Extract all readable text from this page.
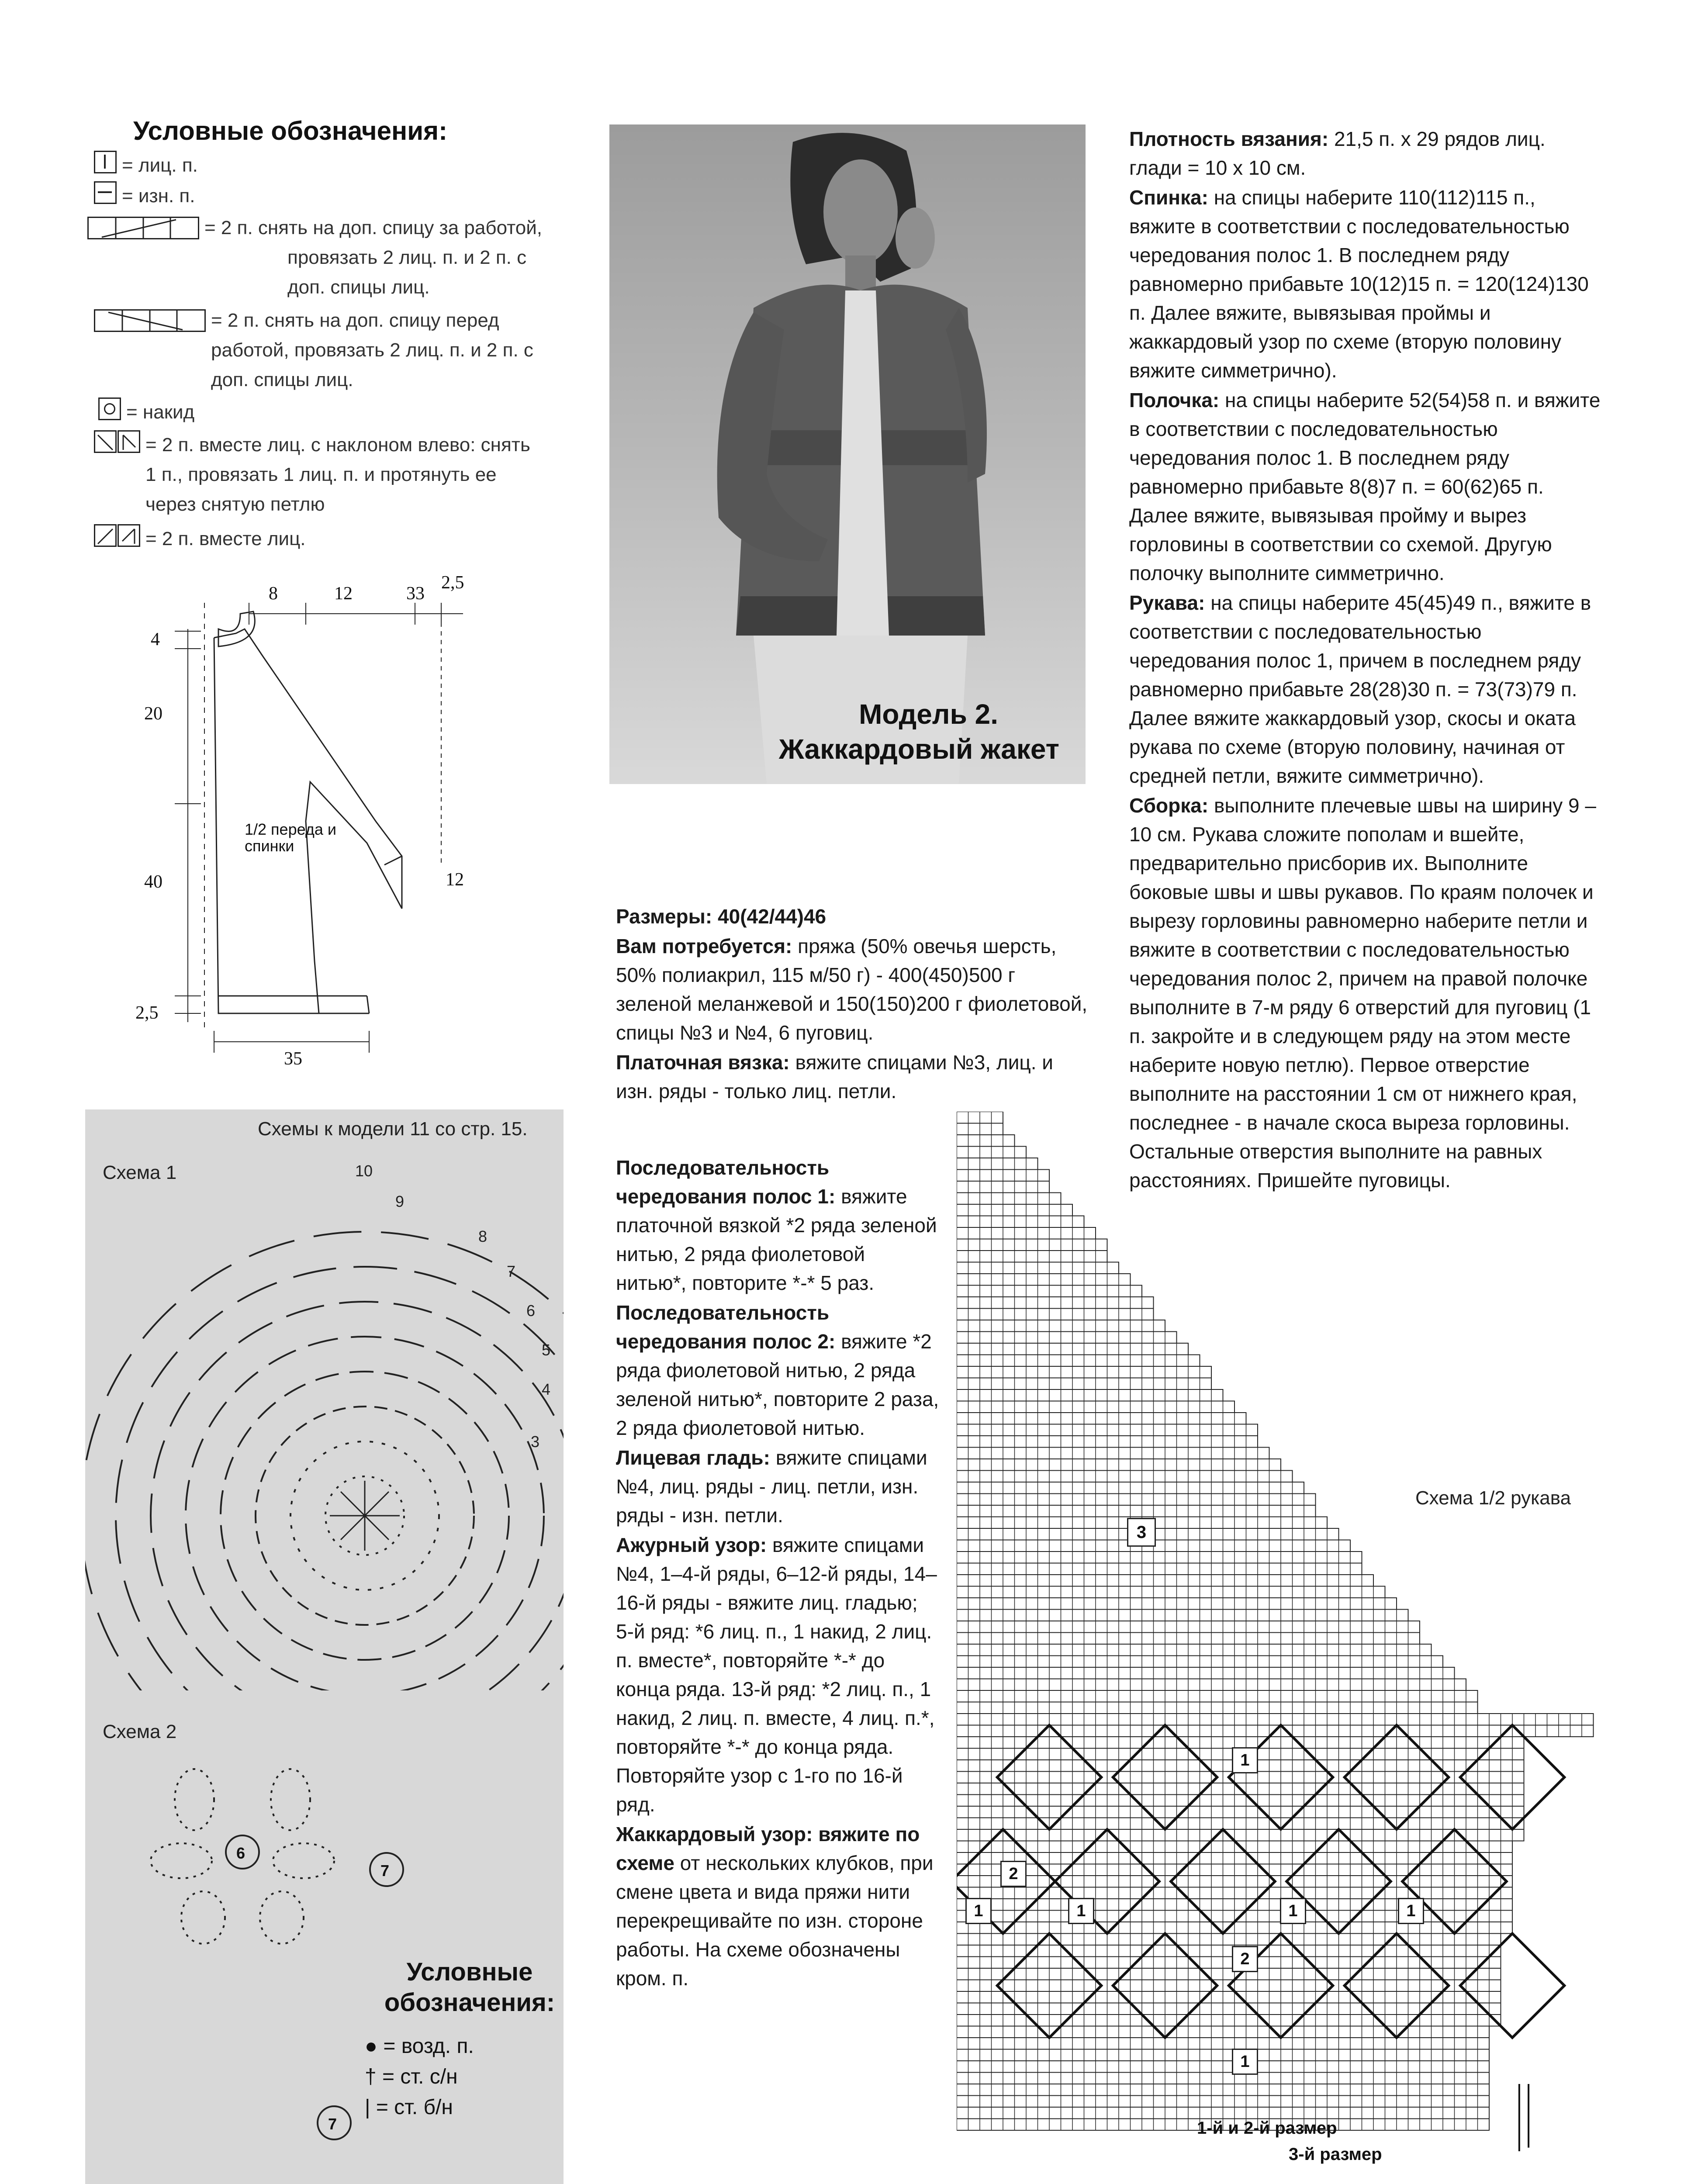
Условные обозначения:
= лиц. п.
= изн. п.
= 2 п. снять на доп. спицу за работой, провязать 2 лиц. п. и 2 п. с доп. спицы лиц.
= 2 п. снять на доп. спицу перед работой, провязать 2 лиц. п. и 2 п. с доп. спицы лиц.
= накид
= 2 п. вместе лиц. с наклоном влево: снять 1 п., провязать 1 лиц. п. и протянуть ее через снятую петлю
= 2 п. вместе лиц.
8	12	33
2,5
4
20
40
2,5
35
12
1/2 переда и спинки
Модель 2.
Жаккардовый жакет
Схемы к модели 11 со стр. 15.
Схема 1	10
9
8
7
6
5
4
3
Схема 2
6
7
7
Условные обозначения:
● = возд. п.
† = ст. с/н
| = ст. б/н

Размеры: 40(42/44)46

Вам потребуется: пряжа (50% овечья шерсть, 50% полиакрил, 115 м/50 г) - 400(450)500 г зеленой меланжевой и 150(150)200 г фиолетовой, спицы №3 и №4, 6 пуговиц.

Платочная вязка: вяжите спицами №3, лиц. и изн. ряды - только лиц. петли.

Последовательность чередования полос 1: вяжите платочной вязкой *2 ряда зеленой нитью, 2 ряда фиолетовой нитью*, повторите *-* 5 раз.

Последовательность чередования полос 2: вяжите *2 ряда фиолетовой нитью, 2 ряда зеленой нитью*, повторите 2 раза, 2 ряда фиолетовой нитью.

Лицевая гладь: вяжите спицами №4, лиц. ряды - лиц. петли, изн. ряды - изн. петли.

Ажурный узор: вяжите спицами №4, 1–4-й ряды, 6–12-й ряды, 14–16-й ряды - вяжите лиц. гладью; 5-й ряд: *6 лиц. п., 1 накид, 2 лиц. п. вместе*, повторяйте *-* до конца ряда. 13-й ряд: *2 лиц. п., 1 накид, 2 лиц. п. вместе, 4 лиц. п.*, повторяйте *-* до конца ряда. Повторяйте узор с 1-го по 16-й ряд.

Жаккардовый узор: вяжите по схеме от нескольких клубков, при смене цвета и вида пряжи нити перекрещивайте по изн. стороне работы. На схеме обозначены кром. п.

Плотность вязания: 21,5 п. х 29 рядов лиц. глади = 10 х 10 см.

Спинка: на спицы наберите 110(112)115 п., вяжите в соответствии с последовательностью чередования полос 1. В последнем ряду равномерно прибавьте 10(12)15 п. = 120(124)130 п. Далее вяжите, вывязывая проймы и жаккардовый узор по схеме (вторую половину вяжите симметрично).

Полочка: на спицы наберите 52(54)58 п. и вяжите в соответствии с последовательностью чередования полос 1. В последнем ряду равномерно прибавьте 8(8)7 п. = 60(62)65 п. Далее вяжите, вывязывая пройму и вырез горловины в соответствии со схемой. Другую полочку выполните симметрично.

Рукава: на спицы наберите 45(45)49 п., вяжите в соответствии с последовательностью чередования полос 1, причем в последнем ряду равномерно прибавьте 28(28)30 п. = 73(73)79 п. Далее вяжите жаккардовый узор, скосы и оката рукава по схеме (вторую половину, начиная от средней петли, вяжите симметрично).

Сборка: выполните плечевые швы на ширину 9 – 10 см. Рукава сложите пополам и вшейте, предварительно присборив их. Выполните боковые швы и швы рукавов. По краям полочек и вырезу горловины равномерно наберите петли и вяжите в соответствии с последовательностью чередования полос 2, причем на правой полочке выполните в 7-м ряду 6 отверстий для пуговиц (1 п. закройте и в следующем ряду на этом месте наберите новую петлю). Первое отверстие выполните на расстоянии 1 см от нижнего края, последнее - в начале скоса выреза горловины. Остальные отверстия выполните на равных расстояниях. Пришейте пуговицы.

Схема 1/2 рукава
3
1
2
1	1	1	1
2
1
1-й и 2-й размер
3-й размер
